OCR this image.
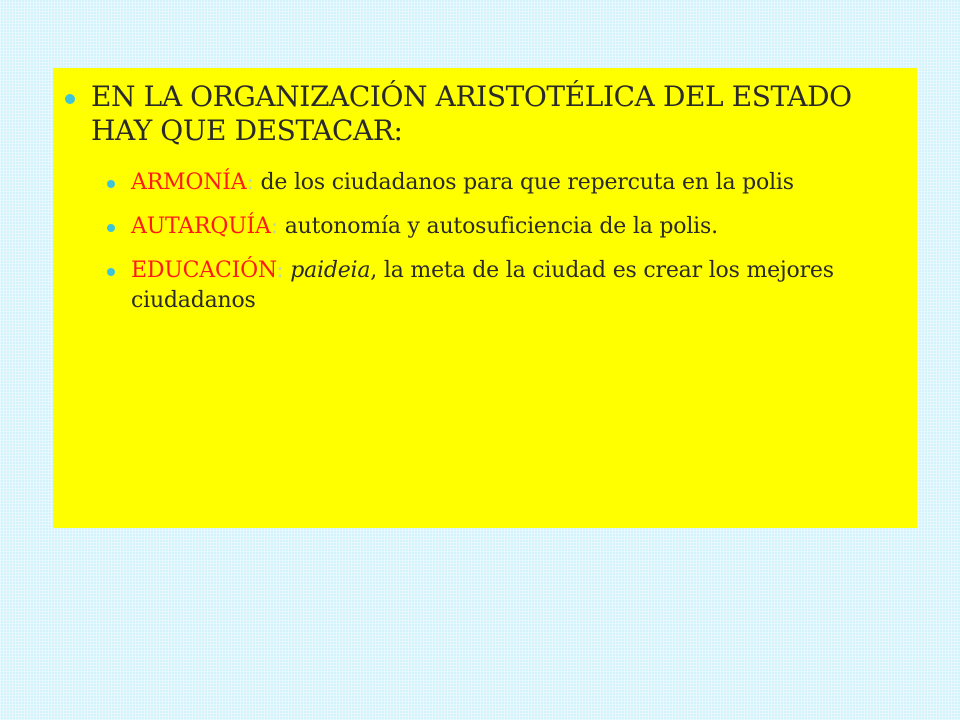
EN LA ORGANIZACIÓN ARISTOTÉLICA DEL ESTADO HAY QUE DESTACAR:
ARMONÍA: de los ciudadanos para que repercuta en la polis
AUTARQUÍA: autonomía y autosuficiencia de la polis.
EDUCACIÓN: paideia, la meta de la ciudad es crear los mejores ciudadanos
